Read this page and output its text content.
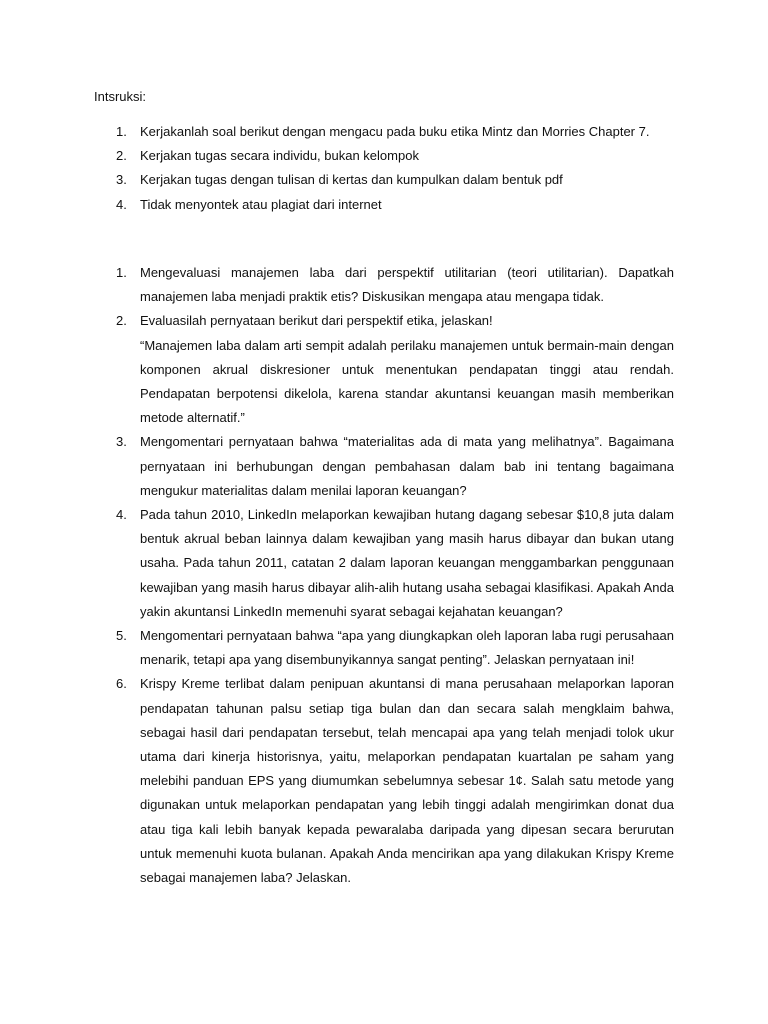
Intsruksi:
1. Kerjakanlah soal berikut dengan mengacu pada buku etika Mintz dan Morries Chapter 7.
2. Kerjakan tugas secara individu, bukan kelompok
3. Kerjakan tugas dengan tulisan di kertas dan kumpulkan dalam bentuk pdf
4. Tidak menyontek atau plagiat dari internet
1. Mengevaluasi manajemen laba dari perspektif utilitarian (teori utilitarian). Dapatkah manajemen laba menjadi praktik etis? Diskusikan mengapa atau mengapa tidak.
2. Evaluasilah pernyataan berikut dari perspektif etika, jelaskan!
“Manajemen laba dalam arti sempit adalah perilaku manajemen untuk bermain-main dengan komponen akrual diskresioner untuk menentukan pendapatan tinggi atau rendah. Pendapatan berpotensi dikelola, karena standar akuntansi keuangan masih memberikan metode alternatif.”
3. Mengomentari pernyataan bahwa “materialitas ada di mata yang melihatnya”. Bagaimana pernyataan ini berhubungan dengan pembahasan dalam bab ini tentang bagaimana mengukur materialitas dalam menilai laporan keuangan?
4. Pada tahun 2010, LinkedIn melaporkan kewajiban hutang dagang sebesar $10,8 juta dalam bentuk akrual beban lainnya dalam kewajiban yang masih harus dibayar dan bukan utang usaha. Pada tahun 2011, catatan 2 dalam laporan keuangan menggambarkan penggunaan kewajiban yang masih harus dibayar alih-alih hutang usaha sebagai klasifikasi. Apakah Anda yakin akuntansi LinkedIn memenuhi syarat sebagai kejahatan keuangan?
5. Mengomentari pernyataan bahwa “apa yang diungkapkan oleh laporan laba rugi perusahaan menarik, tetapi apa yang disembunyikannya sangat penting”. Jelaskan pernyataan ini!
6. Krispy Kreme terlibat dalam penipuan akuntansi di mana perusahaan melaporkan laporan pendapatan tahunan palsu setiap tiga bulan dan dan secara salah mengklaim bahwa, sebagai hasil dari pendapatan tersebut, telah mencapai apa yang telah menjadi tolok ukur utama dari kinerja historisnya, yaitu, melaporkan pendapatan kuartalan pe saham yang melebihi panduan EPS yang diumumkan sebelumnya sebesar 1¢. Salah satu metode yang digunakan untuk melaporkan pendapatan yang lebih tinggi adalah mengirimkan donat dua atau tiga kali lebih banyak kepada pewaralaba daripada yang dipesan secara berurutan untuk memenuhi kuota bulanan. Apakah Anda mencirikan apa yang dilakukan Krispy Kreme sebagai manajemen laba? Jelaskan.
